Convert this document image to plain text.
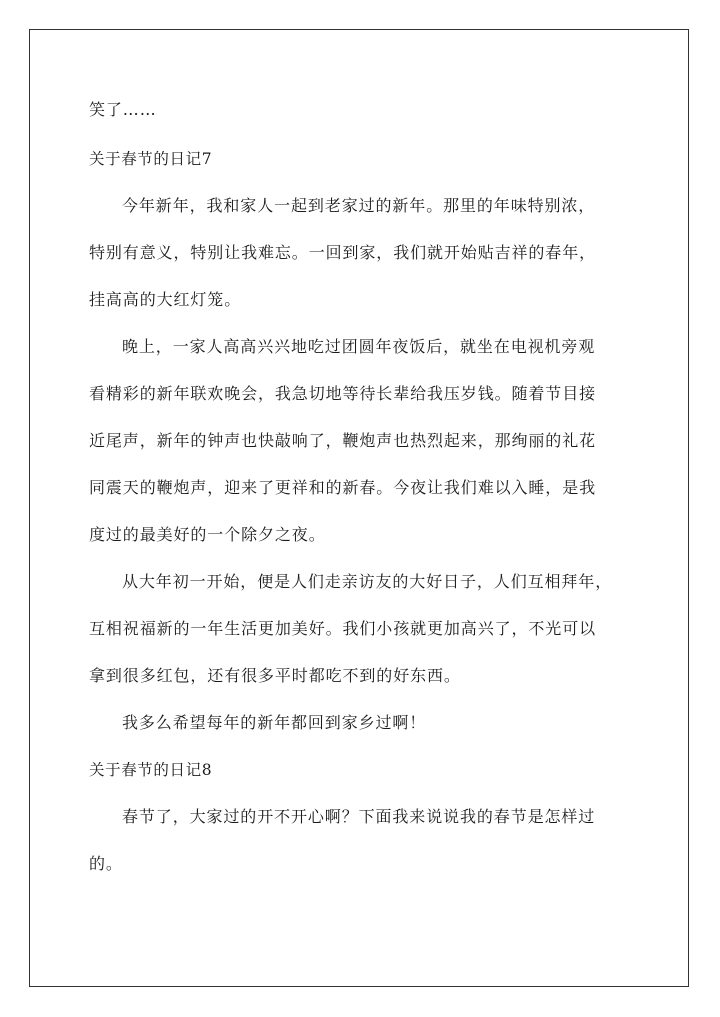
笑了……
关于春节的日记7
今年新年，我和家人一起到老家过的新年。那里的年味特别浓，
特别有意义，特别让我难忘。一回到家，我们就开始贴吉祥的春年，
挂高高的大红灯笼。
晚上，一家人高高兴兴地吃过团圆年夜饭后，就坐在电视机旁观
看精彩的新年联欢晚会，我急切地等待长辈给我压岁钱。随着节目接
近尾声，新年的钟声也快敲响了，鞭炮声也热烈起来，那绚丽的礼花
同震天的鞭炮声，迎来了更祥和的新春。今夜让我们难以入睡，是我
度过的最美好的一个除夕之夜。
从大年初一开始，便是人们走亲访友的大好日子，人们互相拜年，
互相祝福新的一年生活更加美好。我们小孩就更加高兴了，不光可以
拿到很多红包，还有很多平时都吃不到的好东西。
我多么希望每年的新年都回到家乡过啊！
关于春节的日记8
春节了，大家过的开不开心啊？下面我来说说我的春节是怎样过
的。
